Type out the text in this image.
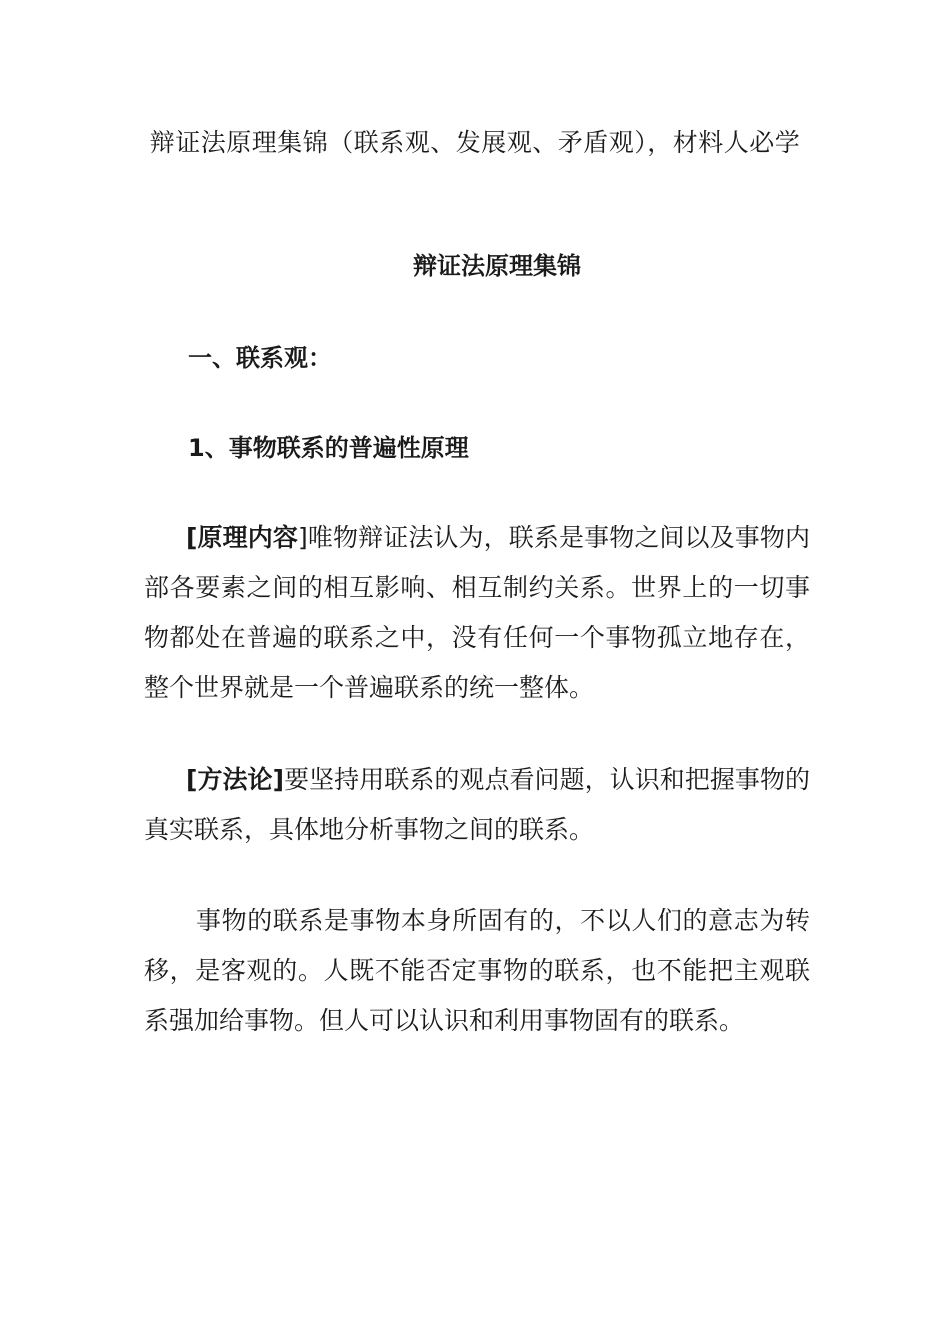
辩证法原理集锦（联系观、发展观、矛盾观），材料人必学
辩证法原理集锦
一、联系观：
1、事物联系的普遍性原理
[原理内容]唯物辩证法认为，联系是事物之间以及事物内部各要素之间的相互影响、相互制约关系。世界上的一切事物都处在普遍的联系之中，没有任何一个事物孤立地存在，整个世界就是一个普遍联系的统一整体。
[方法论]要坚持用联系的观点看问题，认识和把握事物的真实联系，具体地分析事物之间的联系。
事物的联系是事物本身所固有的，不以人们的意志为转移，是客观的。人既不能否定事物的联系，也不能把主观联系强加给事物。但人可以认识和利用事物固有的联系。
